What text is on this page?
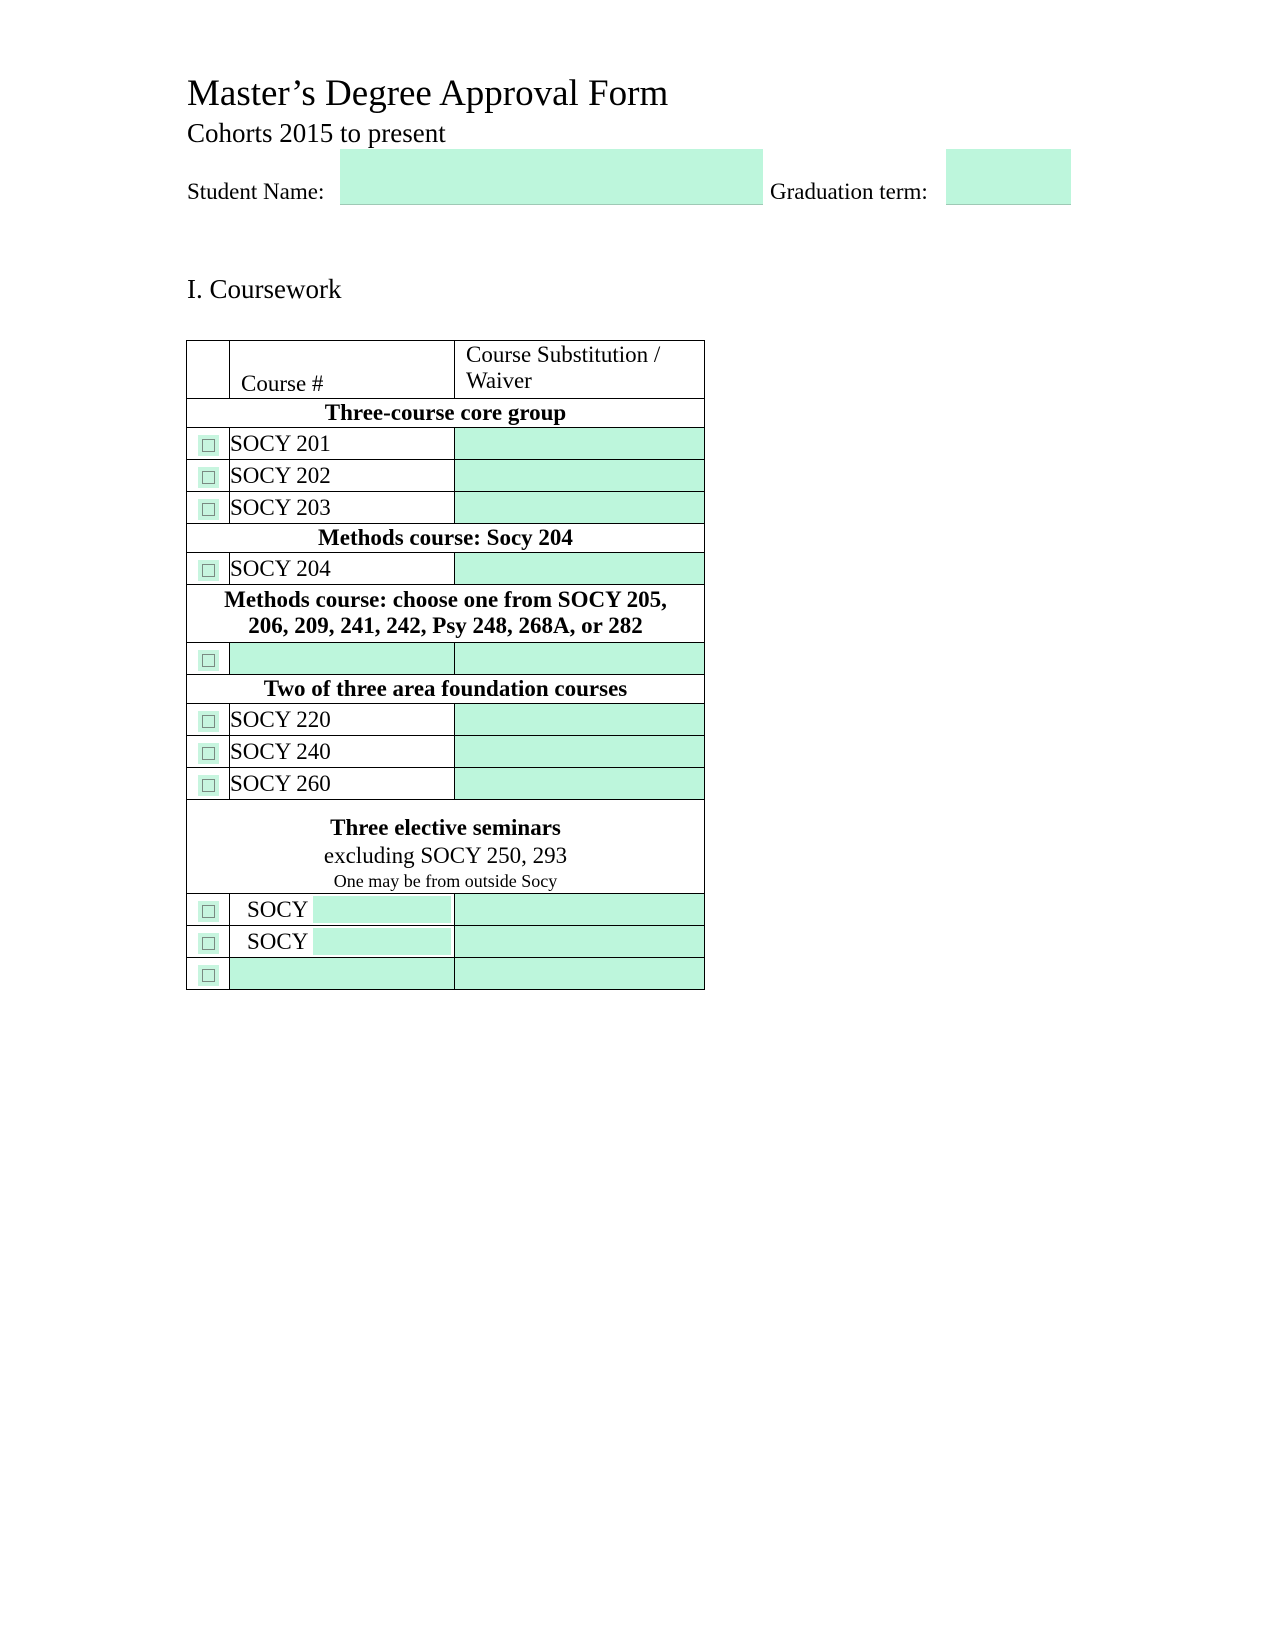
Master’s Degree Approval Form
Cohorts 2015 to present
Student Name:	Graduation term:
I. Coursework
	Course #	Course Substitution / Waiver
Three-course core group		
	SOCY 201	
	SOCY 202	
	SOCY 203	
Methods course: Socy 204		
	SOCY 204	

Methods course: choose one from SOCY 205,
206, 209, 241, 242, Psy 248, 268A, or 282		

Two of three area foundation courses		
	SOCY 220	
	SOCY 240	
	SOCY 260	

Three elective seminars
excluding SOCY 250, 293
One may be from outside Socy		

	SOCY	

	SOCY	
